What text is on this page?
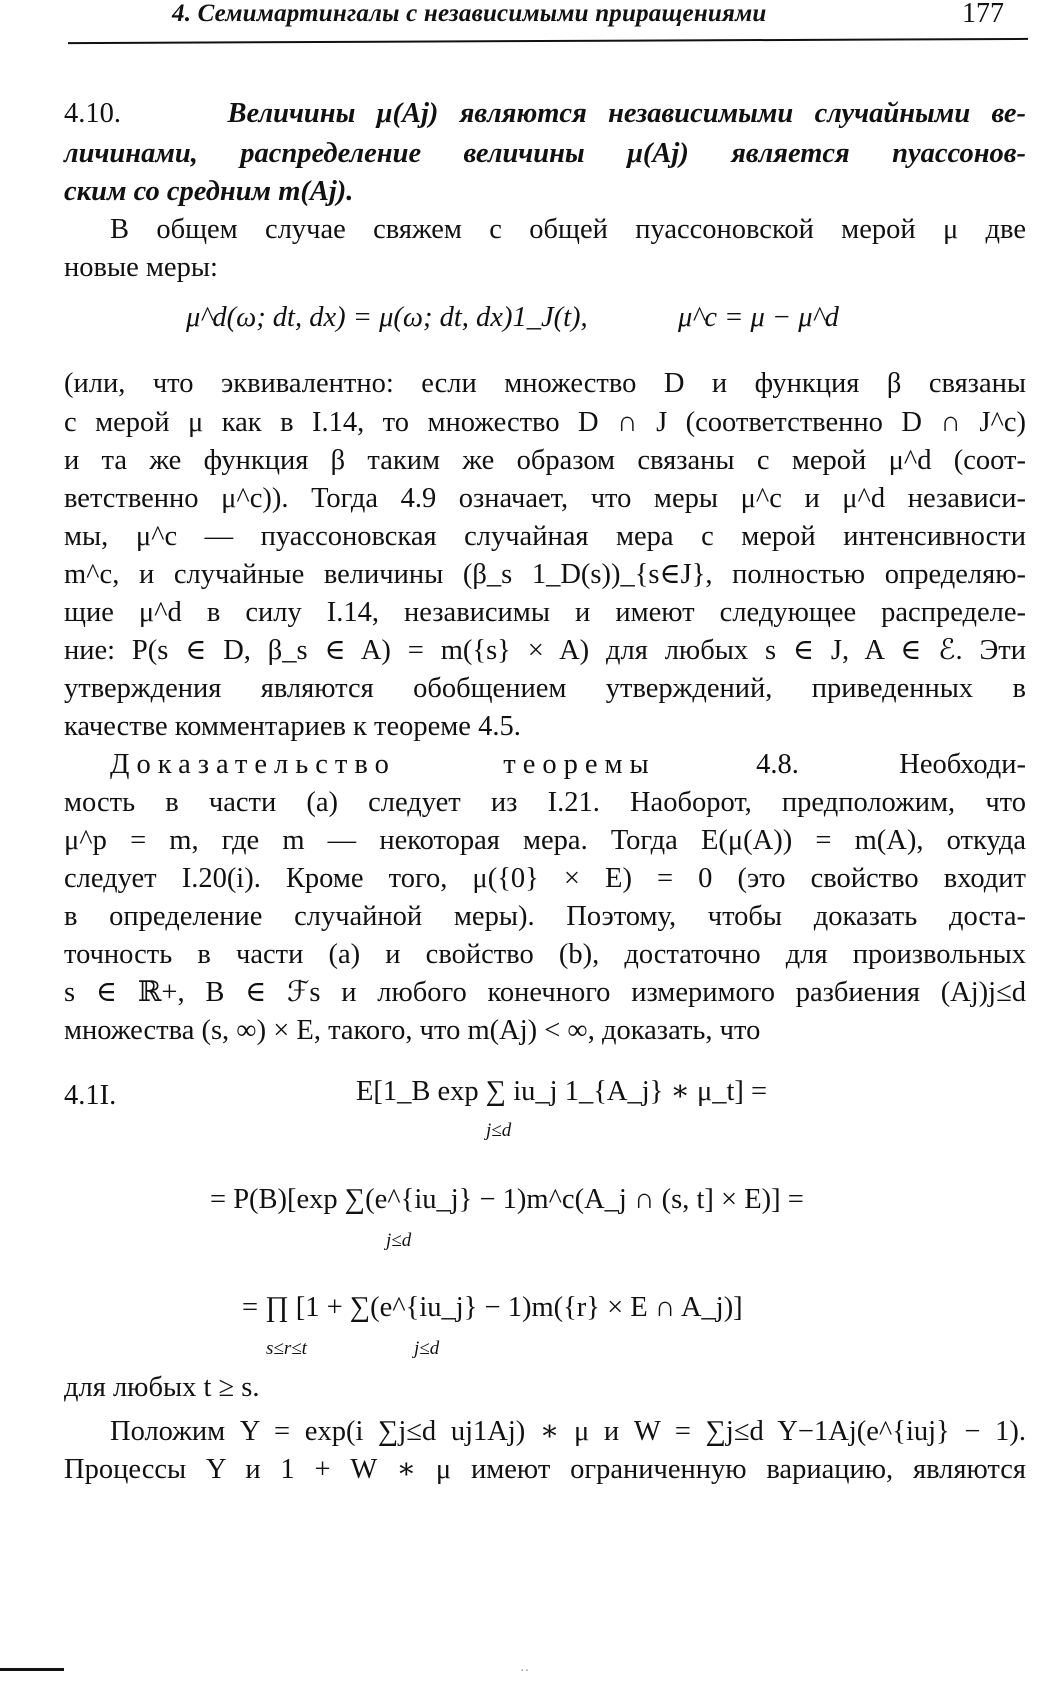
4. Семимартингалы с независимыми приращениями	177
4.10.	Величины μ(Aj) являются независимыми случайными ве-
личинами, распределение величины μ(Aj) является пуассонов-
ским со средним m(Aj).
В общем случае свяжем с общей пуассоновской мерой μ две
новые меры:
μ^d(ω; dt, dx) = μ(ω; dt, dx)1_J(t),	μ^c = μ − μ^d
(или, что эквивалентно: если множество D и функция β связаны
с мерой μ как в I.14, то множество D ∩ J (соответственно D ∩ J^c)
и та же функция β таким же образом связаны с мерой μ^d (соот-
ветственно μ^c)). Тогда 4.9 означает, что меры μ^c и μ^d независи-
мы, μ^c — пуассоновская случайная мера с мерой интенсивности
m^c, и случайные величины (β_s 1_D(s))_{s∈J}, полностью определяю-
щие μ^d в силу I.14, независимы и имеют следующее распределе-
ние: P(s ∈ D, β_s ∈ A) = m({s} × A) для любых s ∈ J, A ∈ ℰ. Эти
утверждения являются обобщением утверждений, приведенных в
качестве комментариев к теореме 4.5.
Доказательство теоремы	4.8.	Необходи-
мость в части (a) следует из I.21. Наоборот, предположим, что
μ^p = m, где m — некоторая мера. Тогда E(μ(A)) = m(A), откуда
следует I.20(i). Кроме того, μ({0} × E) = 0 (это свойство входит
в определение случайной меры). Поэтому, чтобы доказать доста-
точность в части (a) и свойство (b), достаточно для произвольных
s ∈ ℝ+, B ∈ ℱs и любого конечного измеримого разбиения (Aj)j≤d
множества (s, ∞) × E, такого, что m(Aj) < ∞, доказать, что
4.1I.	E[1_B exp ∑ iu_j 1_{A_j} ∗ μ_t] =
j≤d
= P(B)[exp ∑(e^{iu_j} − 1)m^c(A_j ∩ (s, t] × E)] =
j≤d
= ∏ [1 + ∑(e^{iu_j} − 1)m({r} × E ∩ A_j)]
s≤r≤t	j≤d
для любых t ≥ s.
Положим Y = exp(i ∑j≤d uj1Aj) ∗ μ и W = ∑j≤d Y−1Aj(e^{iuj} − 1).
Процессы Y и 1 + W ∗ μ имеют ограниченную вариацию, являются
··
